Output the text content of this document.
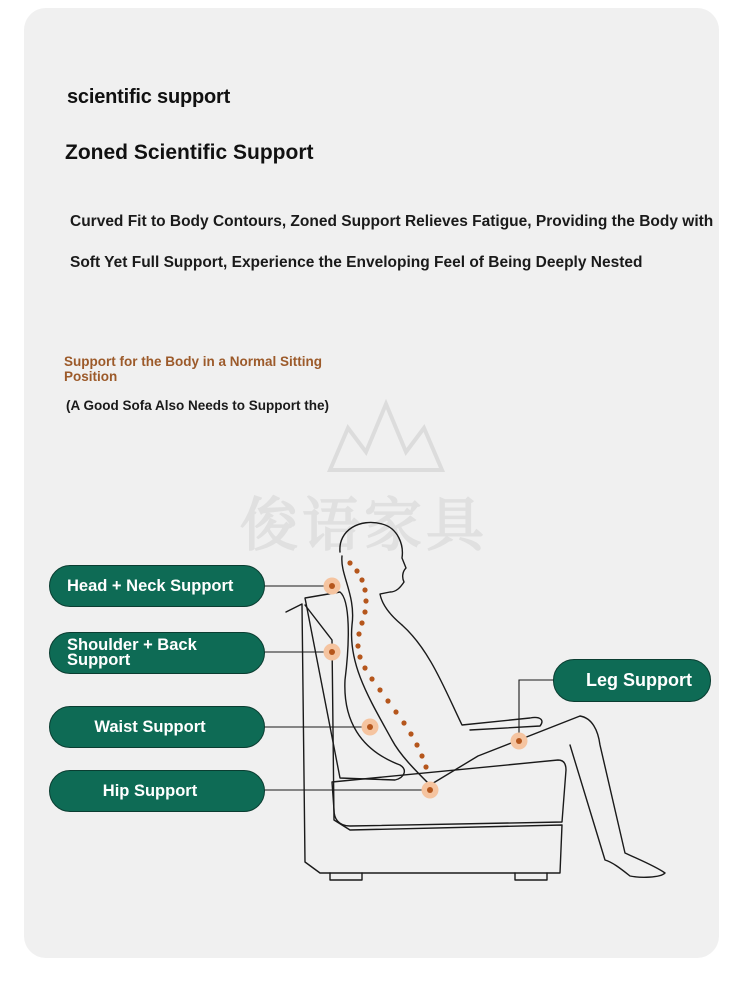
scientific support
Zoned Scientific Support
Curved Fit to Body Contours, Zoned Support Relieves Fatigue, Providing the Body with
Soft Yet Full Support, Experience the Enveloping Feel of Being Deeply Nested
Support for the Body in a Normal Sitting Position
(A Good Sofa Also Needs to Support the)
俊语家具
Head + Neck Support
Shoulder + Back Support
Waist Support
Hip Support
Leg Support
